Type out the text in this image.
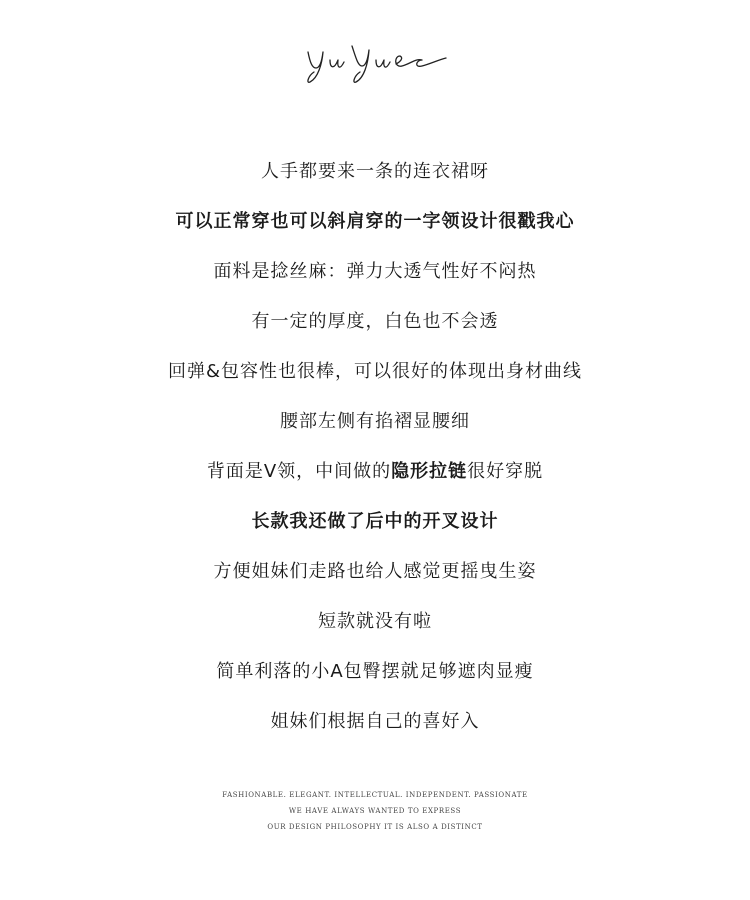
人手都要来一条的连衣裙呀
可以正常穿也可以斜肩穿的一字领设计很戳我心
面料是捻丝麻：弹力大透气性好不闷热
有一定的厚度，白色也不会透
回弹&包容性也很棒，可以很好的体现出身材曲线
腰部左侧有掐褶显腰细
背面是V领，中间做的隐形拉链很好穿脱
长款我还做了后中的开叉设计
方便姐妹们走路也给人感觉更摇曳生姿
短款就没有啦
简单利落的小A包臀摆就足够遮肉显瘦
姐妹们根据自己的喜好入
FASHIONABLE. ELEGANT. INTELLECTUAL. INDEPENDENT. PASSIONATE
WE HAVE ALWAYS WANTED TO EXPRESS
OUR DESIGN PHILOSOPHY IT IS ALSO A DISTINCT
